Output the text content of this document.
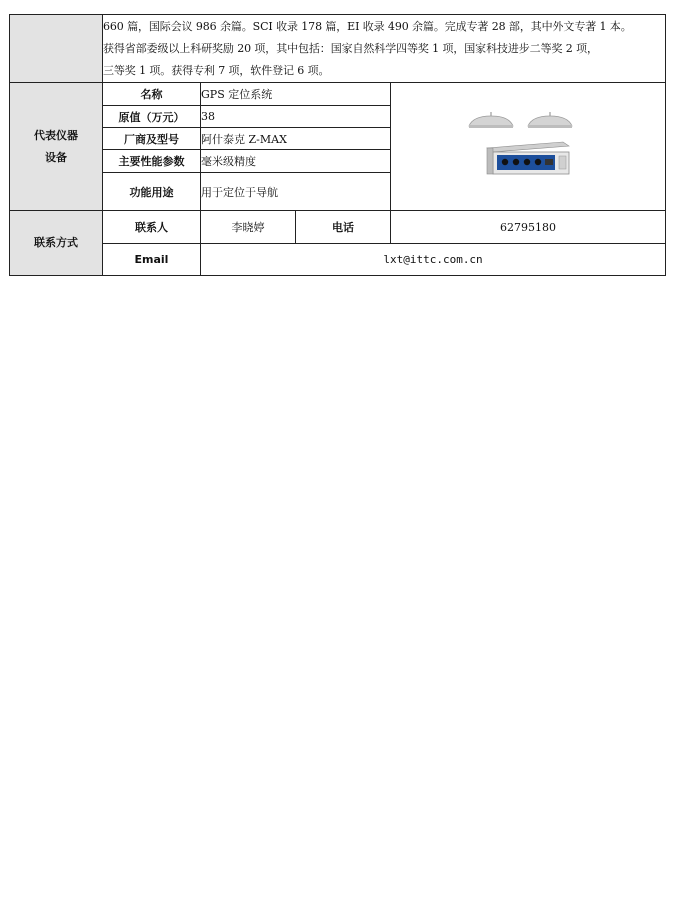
	660 篇，国际会议 986 余篇。SCI 收录 178 篇，EI 收录 490 余篇。完成专著 28 部，其中外文专著 1 本。
获得省部委级以上科研奖励 20 项，其中包括：国家自然科学四等奖 1 项，国家科技进步二等奖 2 项，
三等奖 1 项。获得专利 7 项，软件登记 6 项。			

代表仪器
设备	名称	GPS 定位系统	

	原值（万元）	38		
	厂商及型号	阿什泰克 Z-MAX		
	主要性能参数	毫米级精度		
	功能用途	用于定位于导航		
联系方式	联系人	李晓婷	电话	62795180
	Email	lxt@ittc.com.cn		
